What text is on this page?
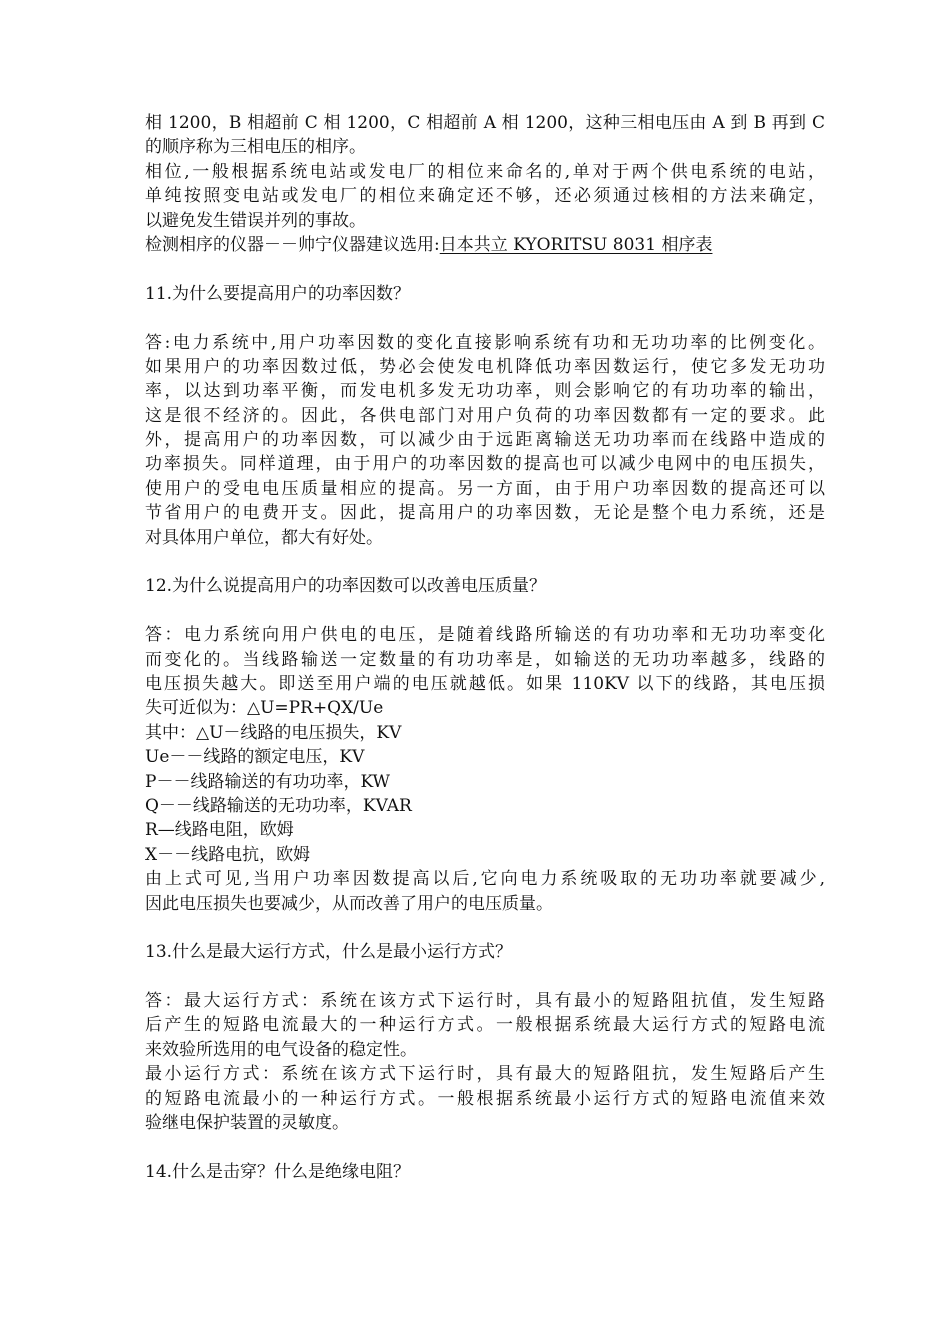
相 1200，B 相超前 C 相 1200，C 相超前 A 相 1200，这种三相电压由 A 到 B 再到 C
的顺序称为三相电压的相序。
相位,一般根据系统电站或发电厂的相位来命名的,单对于两个供电系统的电站，
单纯按照变电站或发电厂的相位来确定还不够，还必须通过核相的方法来确定，
以避免发生错误并列的事故。
检测相序的仪器－－帅宁仪器建议选用:日本共立 KYORITSU 8031 相序表
11.为什么要提高用户的功率因数？
答:电力系统中,用户功率因数的变化直接影响系统有功和无功功率的比例变化。
如果用户的功率因数过低，势必会使发电机降低功率因数运行，使它多发无功功
率，以达到功率平衡，而发电机多发无功功率，则会影响它的有功功率的输出，
这是很不经济的。因此，各供电部门对用户负荷的功率因数都有一定的要求。此
外，提高用户的功率因数，可以减少由于远距离输送无功功率而在线路中造成的
功率损失。同样道理，由于用户的功率因数的提高也可以减少电网中的电压损失，
使用户的受电电压质量相应的提高。另一方面，由于用户功率因数的提高还可以
节省用户的电费开支。因此，提高用户的功率因数，无论是整个电力系统，还是
对具体用户单位，都大有好处。
12.为什么说提高用户的功率因数可以改善电压质量？
答：电力系统向用户供电的电压，是随着线路所输送的有功功率和无功功率变化
而变化的。当线路输送一定数量的有功功率是，如输送的无功功率越多，线路的
电压损失越大。即送至用户端的电压就越低。如果 110KV 以下的线路，其电压损
失可近似为：△U=PR+QX/Ue
其中：△U－线路的电压损失，KV
Ue－－线路的额定电压，KV
P－－线路输送的有功功率，KW
Q－－线路输送的无功功率，KVAR
R—线路电阻，欧姆
X－－线路电抗，欧姆
由上式可见,当用户功率因数提高以后,它向电力系统吸取的无功功率就要减少,
因此电压损失也要减少，从而改善了用户的电压质量。
13.什么是最大运行方式，什么是最小运行方式？
答：最大运行方式：系统在该方式下运行时，具有最小的短路阻抗值，发生短路
后产生的短路电流最大的一种运行方式。一般根据系统最大运行方式的短路电流
来效验所选用的电气设备的稳定性。
最小运行方式：系统在该方式下运行时，具有最大的短路阻抗，发生短路后产生
的短路电流最小的一种运行方式。一般根据系统最小运行方式的短路电流值来效
验继电保护装置的灵敏度。
14.什么是击穿？什么是绝缘电阻？
